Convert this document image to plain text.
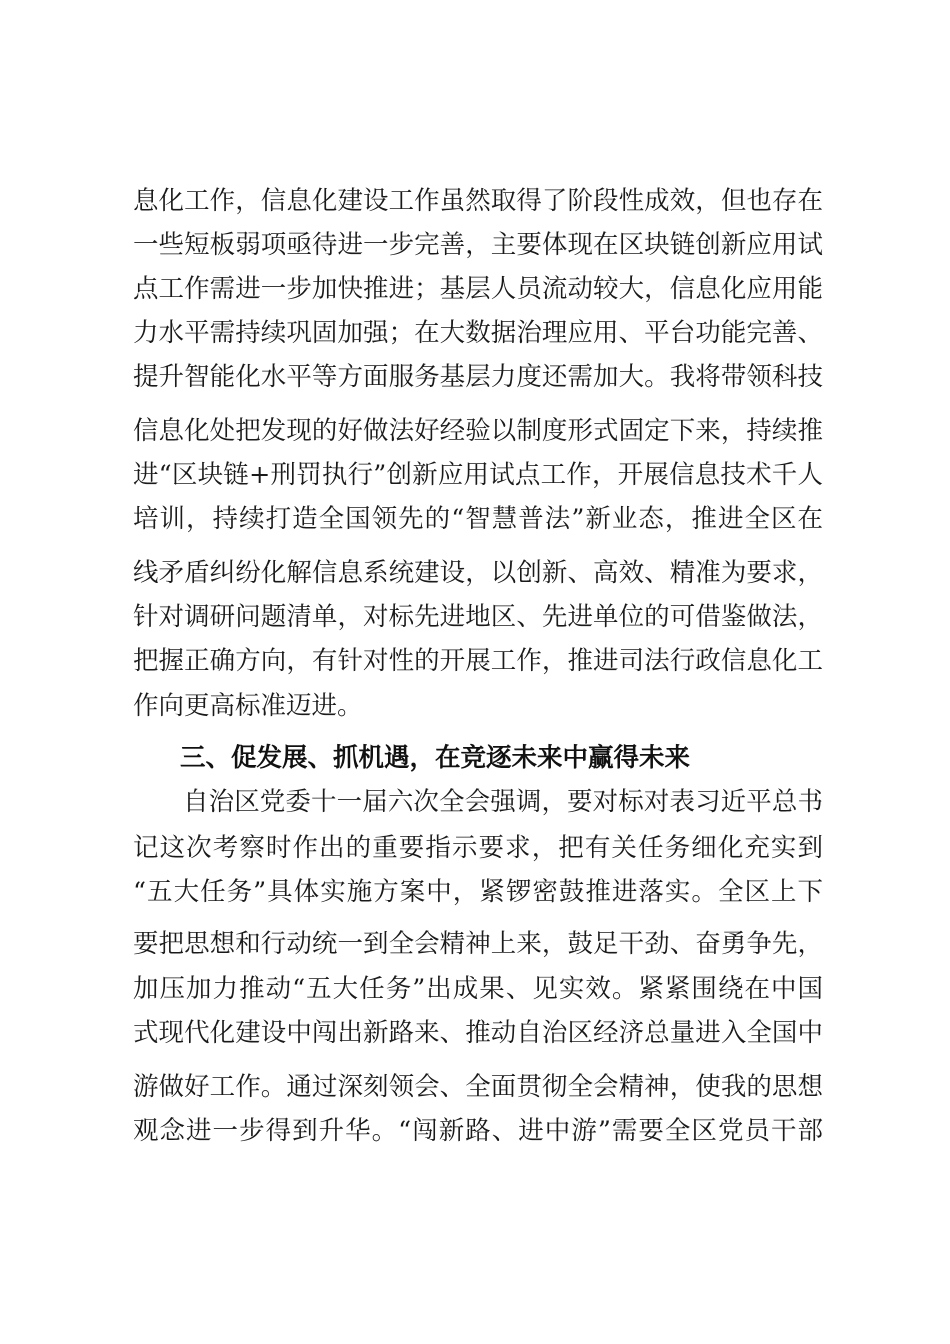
息化工作，信息化建设工作虽然取得了阶段性成效，但也存在
一些短板弱项亟待进一步完善，主要体现在区块链创新应用试
点工作需进一步加快推进；基层人员流动较大，信息化应用能
力水平需持续巩固加强；在大数据治理应用、平台功能完善、
提升智能化水平等方面服务基层力度还需加大。我将带领科技
信息化处把发现的好做法好经验以制度形式固定下来，持续推
进“区块链+刑罚执行”创新应用试点工作，开展信息技术千人
培训，持续打造全国领先的“智慧普法”新业态，推进全区在
线矛盾纠纷化解信息系统建设，以创新、高效、精准为要求，
针对调研问题清单，对标先进地区、先进单位的可借鉴做法，
把握正确方向，有针对性的开展工作，推进司法行政信息化工
作向更高标准迈进。
三、促发展、抓机遇，在竞逐未来中赢得未来
自治区党委十一届六次全会强调，要对标对表习近平总书
记这次考察时作出的重要指示要求，把有关任务细化充实到
“五大任务”具体实施方案中，紧锣密鼓推进落实。全区上下
要把思想和行动统一到全会精神上来，鼓足干劲、奋勇争先，
加压加力推动“五大任务”出成果、见实效。紧紧围绕在中国
式现代化建设中闯出新路来、推动自治区经济总量进入全国中
游做好工作。通过深刻领会、全面贯彻全会精神，使我的思想
观念进一步得到升华。“闯新路、进中游”需要全区党员干部
